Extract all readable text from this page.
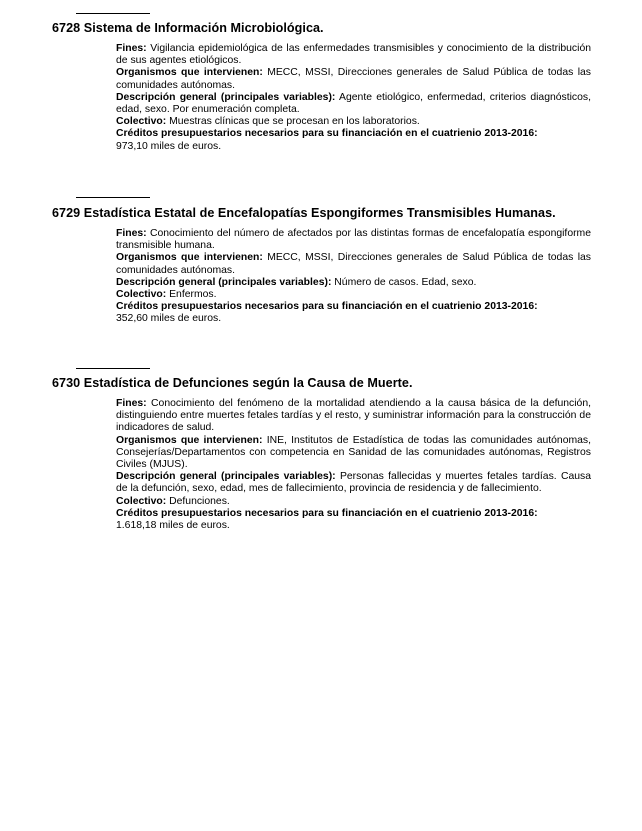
6728 Sistema de Información Microbiológica.

Fines: Vigilancia epidemiológica de las enfermedades transmisibles y conocimiento de la distribución de sus agentes etiológicos.

Organismos que intervienen: MECC, MSSI, Direcciones generales de Salud Pública de todas las comunidades autónomas.

Descripción general (principales variables): Agente etiológico, enfermedad, criterios diagnósticos, edad, sexo. Por enumeración completa.

Colectivo: Muestras clínicas que se procesan en los laboratorios.

Créditos presupuestarios necesarios para su financiación en el cuatrienio 2013-2016:
973,10 miles de euros.

6729 Estadística Estatal de Encefalopatías Espongiformes Transmisibles Humanas.

Fines: Conocimiento del número de afectados por las distintas formas de encefalopatía espongiforme transmisible humana.

Organismos que intervienen: MECC, MSSI, Direcciones generales de Salud Pública de todas las comunidades autónomas.

Descripción general (principales variables): Número de casos. Edad, sexo.

Colectivo: Enfermos.

Créditos presupuestarios necesarios para su financiación en el cuatrienio 2013-2016:
352,60 miles de euros.

6730 Estadística de Defunciones según la Causa de Muerte.

Fines: Conocimiento del fenómeno de la mortalidad atendiendo a la causa básica de la defunción, distinguiendo entre muertes fetales tardías y el resto, y suministrar información para la construcción de indicadores de salud.

Organismos que intervienen: INE, Institutos de Estadística de todas las comunidades autónomas, Consejerías/Departamentos con competencia en Sanidad de las comunidades autónomas, Registros Civiles (MJUS).

Descripción general (principales variables): Personas fallecidas y muertes fetales tardías. Causa de la defunción, sexo, edad, mes de fallecimiento, provincia de residencia y de fallecimiento.

Colectivo: Defunciones.

Créditos presupuestarios necesarios para su financiación en el cuatrienio 2013-2016:
1.618,18 miles de euros.
